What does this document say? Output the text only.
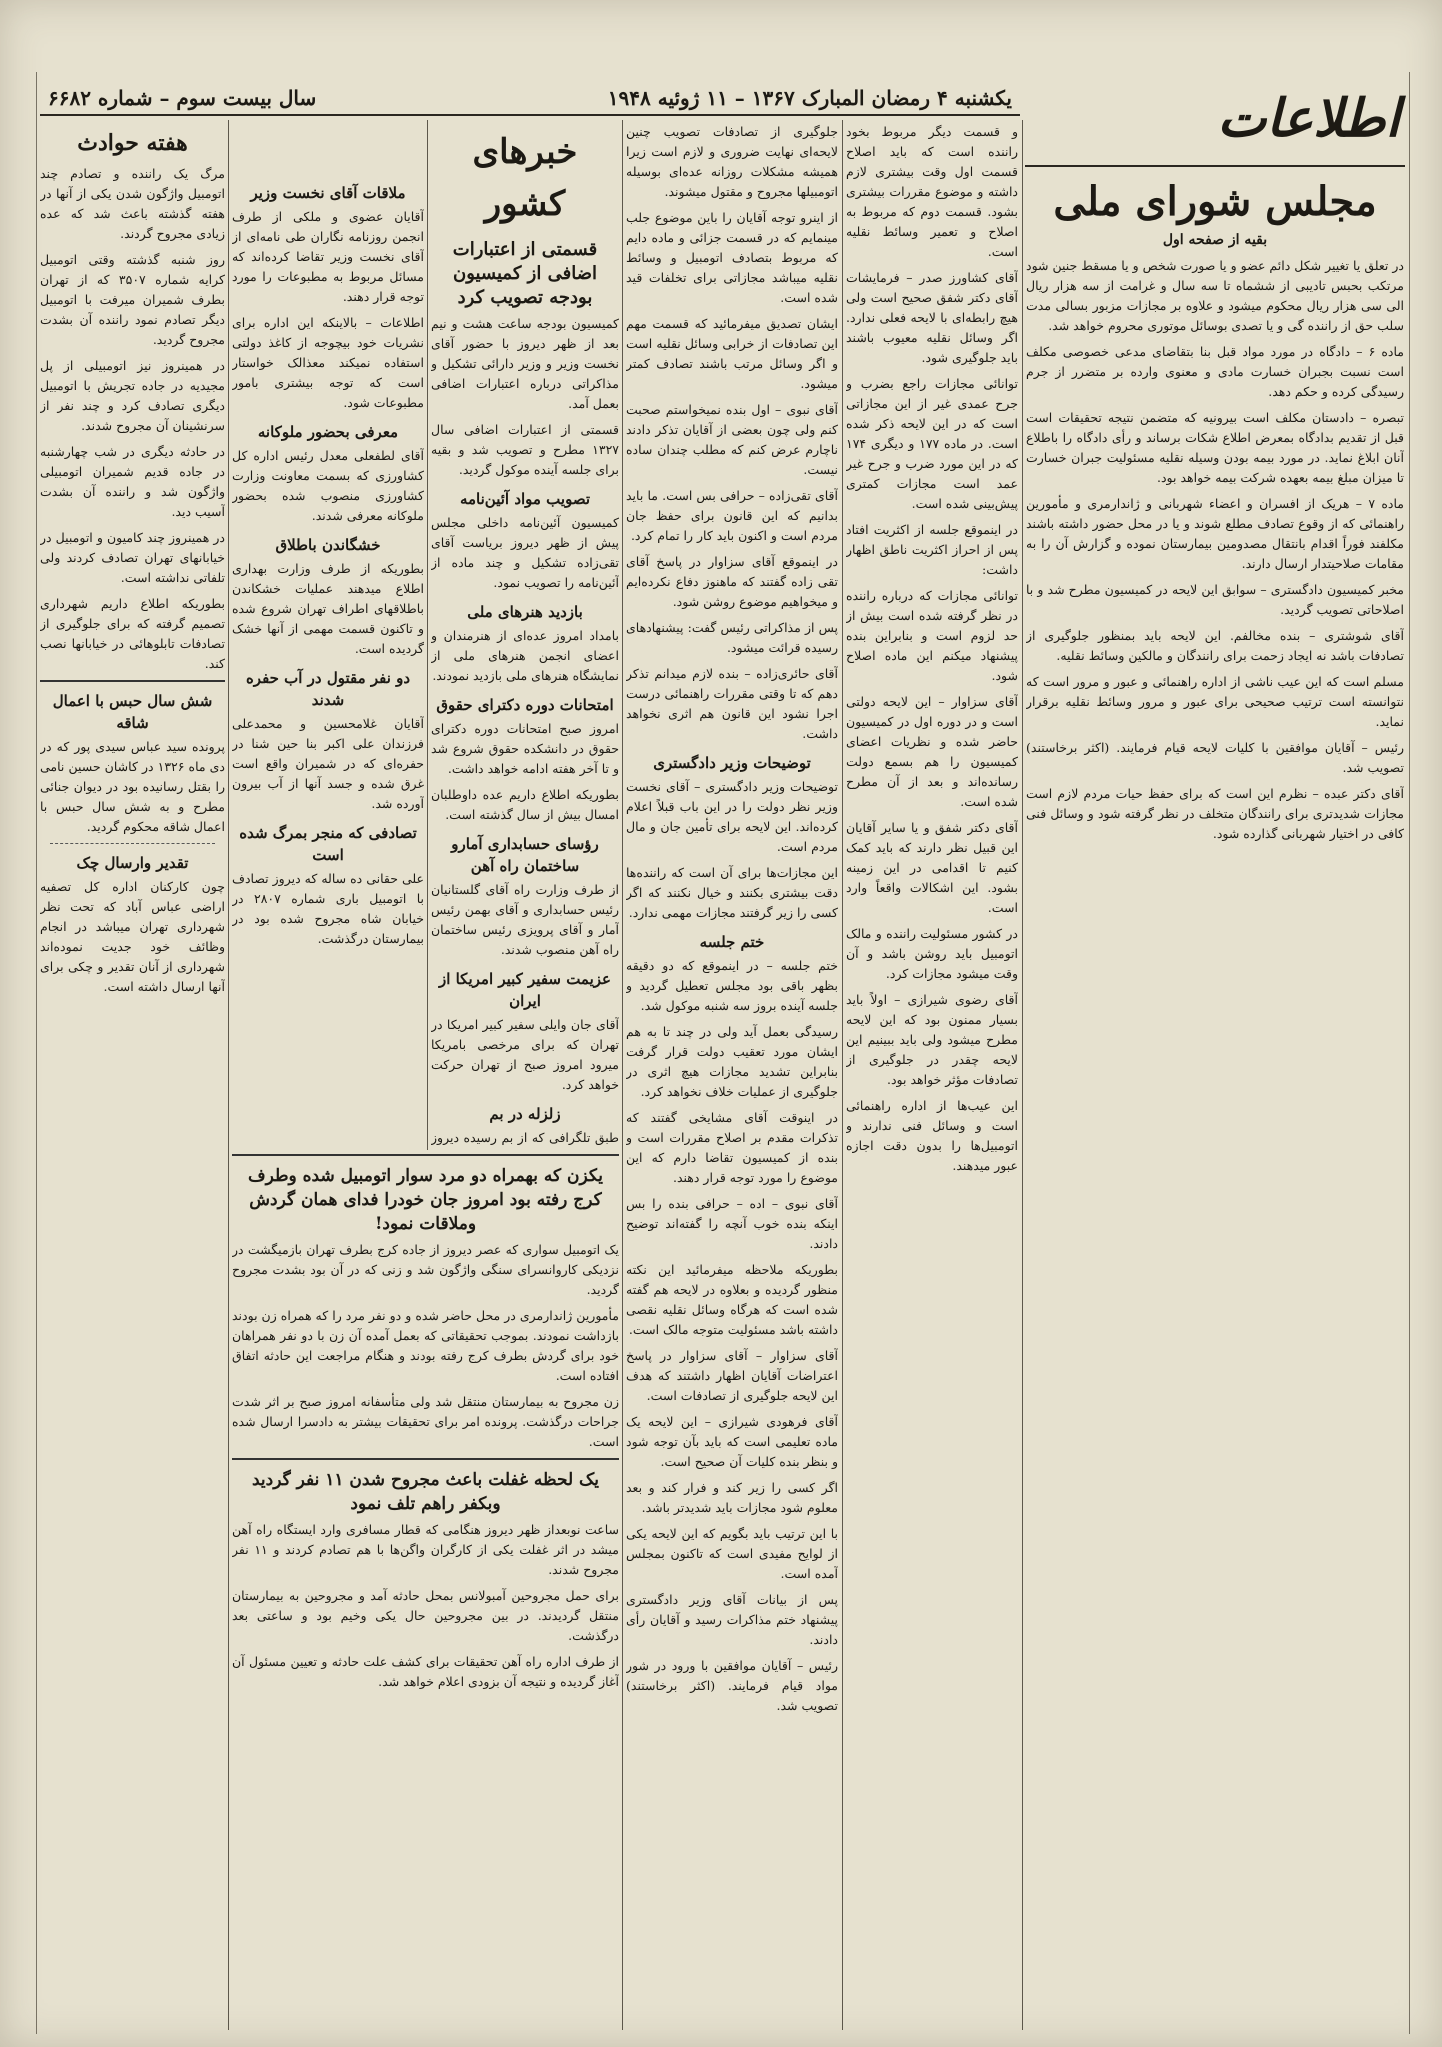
یکشنبه ۴ رمضان المبارک ۱۳۶۷ – ۱۱ ژوئیه ۱۹۴۸
سال بیست سوم – شماره ۶۶۸۲	اطلاعات
مجلس شورای ملی
بقیه از صفحه اول

در تعلق یا تغییر شکل دائم عضو و یا صورت شخص و یا مسقط جنین شود مرتکب بحبس تادیبی از ششماه تا سه سال و غرامت از سه هزار ریال الی سی هزار ریال محکوم میشود و علاوه بر مجازات مزبور بسالی مدت سلب حق از راننده گی و یا تصدی بوسائل موتوری محروم خواهد شد.

ماده ۶ – دادگاه در مورد مواد قبل بنا بتقاضای مدعی خصوصی مکلف است نسبت بجبران خسارت مادی و معنوی وارده بر متضرر از جرم رسیدگی کرده و حکم دهد.

تبصره – دادستان مکلف است بیرونیه که متضمن نتیجه تحقیقات است قبل از تقدیم بدادگاه بمعرض اطلاع شکات برساند و رأی دادگاه را باطلاع آنان ابلاغ نماید. در مورد بیمه بودن وسیله نقلیه مسئولیت جبران خسارت تا میزان مبلغ بیمه بعهده شرکت بیمه خواهد بود.

ماده ۷ – هریک از افسران و اعضاء شهربانی و ژاندارمری و مأمورین راهنمائی که از وقوع تصادف مطلع شوند و یا در محل حضور داشته باشند مکلفند فوراً اقدام بانتقال مصدومین بیمارستان نموده و گزارش آن را به مقامات صلاحیتدار ارسال دارند.

مخبر کمیسیون دادگستری – سوابق این لایحه در کمیسیون مطرح شد و با اصلاحاتی تصویب گردید.

آقای شوشتری – بنده مخالفم. این لایحه باید بمنظور جلوگیری از تصادفات باشد نه ایجاد زحمت برای رانندگان و مالکین وسائط نقلیه.

مسلم است که این عیب ناشی از اداره راهنمائی و عبور و مرور است که نتوانسته است ترتیب صحیحی برای عبور و مرور وسائط نقلیه برقرار نماید.

رئیس – آقایان موافقین با کلیات لایحه قیام فرمایند. (اکثر برخاستند) تصویب شد.

آقای دکتر عبده – نظرم این است که برای حفظ حیات مردم لازم است مجازات شدیدتری برای رانندگان متخلف در نظر گرفته شود و وسائل فنی کافی در اختیار شهربانی گذارده شود.

و قسمت دیگر مربوط بخود راننده است که باید اصلاح قسمت اول وقت بیشتری لازم داشته و موضوع مقررات بیشتری بشود. قسمت دوم که مربوط به اصلاح و تعمیر وسائط نقلیه است.

آقای کشاورز صدر – فرمایشات آقای دکتر شفق صحیح است ولی هیچ رابطه‌ای با لایحه فعلی ندارد. اگر وسائل نقلیه معیوب باشند باید جلوگیری شود.

توانائی مجازات راجع بضرب و جرح عمدی غیر از این مجازاتی است که در این لایحه ذکر شده است. در ماده ۱۷۷ و دیگری ۱۷۴ که در این مورد ضرب و جرح غیر عمد است مجازات کمتری پیش‌بینی شده است.

در اینموقع جلسه از اکثریت افتاد پس از احراز اکثریت ناطق اظهار داشت:

توانائی مجازات که درباره راننده در نظر گرفته شده است بیش از حد لزوم است و بنابراین بنده پیشنهاد میکنم این ماده اصلاح شود.

آقای سزاوار – این لایحه دولتی است و در دوره اول در کمیسیون حاضر شده و نظریات اعضای کمیسیون را هم بسمع دولت رسانده‌اند و بعد از آن مطرح شده است.

آقای دکتر شفق و یا سایر آقایان این قبیل نظر دارند که باید کمک کنیم تا اقدامی در این زمینه بشود. این اشکالات واقعاً وارد است.

در کشور مسئولیت راننده و مالک اتومبیل باید روشن باشد و آن وقت میشود مجازات کرد.

آقای رضوی شیرازی – اولاً باید بسیار ممنون بود که این لایحه مطرح میشود ولی باید ببینیم این لایحه چقدر در جلوگیری از تصادفات مؤثر خواهد بود.

این عیب‌ها از اداره راهنمائی است و وسائل فنی ندارند و اتومبیل‌ها را بدون دقت اجازه عبور میدهند.

جلوگیری از تصادفات تصویب چنین لایحه‌ای نهایت ضروری و لازم است زیرا همیشه مشکلات روزانه عده‌ای بوسیله اتومبیلها مجروح و مقتول میشوند.

از اینرو توجه آقایان را باین موضوع جلب مینمایم که در قسمت جزائی و ماده دایم که مربوط بتصادف اتومبیل و وسائط نقلیه میباشد مجازاتی برای تخلفات قید شده است.

ایشان تصدیق میفرمائید که قسمت مهم این تصادفات از خرابی وسائل نقلیه است و اگر وسائل مرتب باشند تصادف کمتر میشود.

آقای نبوی – اول بنده نمیخواستم صحبت کنم ولی چون بعضی از آقایان تذکر دادند ناچارم عرض کنم که مطلب چندان ساده نیست.

آقای تقی‌زاده – حرافی بس است. ما باید بدانیم که این قانون برای حفظ جان مردم است و اکنون باید کار را تمام کرد.

در اینموقع آقای سزاوار در پاسخ آقای تقی زاده گفتند که ماهنوز دفاع نکرده‌ایم و میخواهیم موضوع روشن شود.

پس از مذاکراتی رئیس گفت: پیشنهادهای رسیده قرائت میشود.

آقای حائری‌زاده – بنده لازم میدانم تذکر دهم که تا وقتی مقررات راهنمائی درست اجرا نشود این قانون هم اثری نخواهد داشت.

توضیحات وزیر دادگستری

توضیحات وزیر دادگستری – آقای نخست وزیر نظر دولت را در این باب قبلاً اعلام کرده‌اند. این لایحه برای تأمین جان و مال مردم است.

این مجازات‌ها برای آن است که راننده‌ها دقت بیشتری بکنند و خیال نکنند که اگر کسی را زیر گرفتند مجازات مهمی ندارد.

ختم جلسه

ختم جلسه – در اینموقع که دو دقیقه بظهر باقی بود مجلس تعطیل گردید و جلسه آینده بروز سه شنبه موکول شد.

رسیدگی بعمل آید ولی در چند تا به هم ایشان مورد تعقیب دولت قرار گرفت بنابراین تشدید مجازات هیچ اثری در جلوگیری از عملیات خلاف نخواهد کرد.

در اینوقت آقای مشایخی گفتند که تذکرات مقدم بر اصلاح مقررات است و بنده از کمیسیون تقاضا دارم که این موضوع را مورد توجه قرار دهند.

آقای نبوی – اده – حرافی بنده را بس اینکه بنده خوب آنچه را گفته‌اند توضیح دادند.

بطوریکه ملاحظه میفرمائید این نکته منظور گردیده و بعلاوه در لایحه هم گفته شده است که هرگاه وسائل نقلیه نقصی داشته باشد مسئولیت متوجه مالک است.

آقای سزاوار – آقای سزاوار در پاسخ اعتراضات آقایان اظهار داشتند که هدف این لایحه جلوگیری از تصادفات است.

آقای فرهودی شیرازی – این لایحه یک ماده تعلیمی است که باید بآن توجه شود و بنظر بنده کلیات آن صحیح است.

اگر کسی را زیر کند و فرار کند و بعد معلوم شود مجازات باید شدیدتر باشد.

با این ترتیب باید بگویم که این لایحه یکی از لوایح مفیدی است که تاکنون بمجلس آمده است.

پس از بیانات آقای وزیر دادگستری پیشنهاد ختم مذاکرات رسید و آقایان رأی دادند.

رئیس – آقایان موافقین با ورود در شور مواد قیام فرمایند. (اکثر برخاستند) تصویب شد.

خبرهای کشور
قسمتی از اعتبارات اضافی از کمیسیون بودجه تصویب کرد

کمیسیون بودجه ساعت هشت و نیم بعد از ظهر دیروز با حضور آقای نخست وزیر و وزیر دارائی تشکیل و مذاکراتی درباره اعتبارات اضافی بعمل آمد.

قسمتی از اعتبارات اضافی سال ۱۳۲۷ مطرح و تصویب شد و بقیه برای جلسه آینده موکول گردید.

تصویب مواد آئین‌نامه

کمیسیون آئین‌نامه داخلی مجلس پیش از ظهر دیروز بریاست آقای تقی‌زاده تشکیل و چند ماده از آئین‌نامه را تصویب نمود.

بازدید هنرهای ملی

بامداد امروز عده‌ای از هنرمندان و اعضای انجمن هنرهای ملی از نمایشگاه هنرهای ملی بازدید نمودند.

امتحانات دوره دکترای حقوق

امروز صبح امتحانات دوره دکترای حقوق در دانشکده حقوق شروع شد و تا آخر هفته ادامه خواهد داشت.

بطوریکه اطلاع داریم عده داوطلبان امسال بیش از سال گذشته است.

رؤسای حسابداری آمارو ساختمان راه آهن

از طرف وزارت راه آقای گلستانیان رئیس حسابداری و آقای بهمن رئیس آمار و آقای پرویزی رئیس ساختمان راه آهن منصوب شدند.

عزیمت سفیر کبیر امریکا از ایران

آقای جان وایلی سفیر کبیر امریکا در تهران که برای مرخصی بامریکا میرود امروز صبح از تهران حرکت خواهد کرد.

زلزله در بم

طبق تلگرافی که از بم رسیده دیروز

ملاقات آقای نخست وزیر

آقایان عضوی و ملکی از طرف انجمن روزنامه نگاران طی نامه‌ای از آقای نخست وزیر تقاضا کرده‌اند که مسائل مربوط به مطبوعات را مورد توجه قرار دهند.

اطلاعات – بالاینکه این اداره برای نشریات خود بیچوجه از کاغذ دولتی استفاده نمیکند معذالک خواستار است که توجه بیشتری بامور مطبوعات شود.

معرفی بحضور ملوکانه

آقای لطفعلی معدل رئیس اداره کل کشاورزی که بسمت معاونت وزارت کشاورزی منصوب شده بحضور ملوکانه معرفی شدند.

خشگاندن باطلاق

بطوریکه از طرف وزارت بهداری اطلاع میدهند عملیات خشکاندن باطلاقهای اطراف تهران شروع شده و تاکنون قسمت مهمی از آنها خشک گردیده است.

دو نفر مقتول در آب حفره شدند

آقایان غلامحسین و محمدعلی فرزندان علی اکبر بنا حین شنا در حفره‌ای که در شمیران واقع است غرق شده و جسد آنها از آب بیرون آورده شد.

تصادفی که منجر بمرگ شده است

علی حقانی ده ساله که دیروز تصادف با اتومبیل باری شماره ۲۸۰۷ در خیابان شاه مجروح شده بود در بیمارستان درگذشت.

یکزن که بهمراه دو مرد سوار اتومبیل شده وطرف کرج رفته بود امروز جان خودرا فدای همان گردش وملاقات نمود!

یک اتومبیل سواری که عصر دیروز از جاده کرج بطرف تهران بازمیگشت در نزدیکی کاروانسرای سنگی واژگون شد و زنی که در آن بود بشدت مجروح گردید.

مأمورین ژاندارمری در محل حاضر شده و دو نفر مرد را که همراه زن بودند بازداشت نمودند. بموجب تحقیقاتی که بعمل آمده آن زن با دو نفر همراهان خود برای گردش بطرف کرج رفته بودند و هنگام مراجعت این حادثه اتفاق افتاده است.

زن مجروح به بیمارستان منتقل شد ولی متأسفانه امروز صبح بر اثر شدت جراحات درگذشت. پرونده امر برای تحقیقات بیشتر به دادسرا ارسال شده است.

یک لحظه غفلت باعث مجروح شدن ۱۱ نفر گردید وبکفر راهم تلف نمود

ساعت نوبعداز ظهر دیروز هنگامی که قطار مسافری وارد ایستگاه راه آهن میشد در اثر غفلت یکی از کارگران واگن‌ها با هم تصادم کردند و ۱۱ نفر مجروح شدند.

برای حمل مجروحین آمبولانس بمحل حادثه آمد و مجروحین به بیمارستان منتقل گردیدند. در بین مجروحین حال یکی وخیم بود و ساعتی بعد درگذشت.

از طرف اداره راه آهن تحقیقات برای کشف علت حادثه و تعیین مسئول آن آغاز گردیده و نتیجه آن بزودی اعلام خواهد شد.

هفته حوادث

مرگ یک راننده و تصادم چند اتومبیل واژگون شدن یکی از آنها در هفته گذشته باعث شد که عده زیادی مجروح گردند.

روز شنبه گذشته وقتی اتومبیل کرایه شماره ۳۵۰۷ که از تهران بطرف شمیران میرفت با اتومبیل دیگر تصادم نمود راننده آن بشدت مجروح گردید.

در همینروز نیز اتومبیلی از پل مجیدیه در جاده تجریش با اتومبیل دیگری تصادف کرد و چند نفر از سرنشینان آن مجروح شدند.

در حادثه دیگری در شب چهارشنبه در جاده قدیم شمیران اتومبیلی واژگون شد و راننده آن بشدت آسیب دید.

در همینروز چند کامیون و اتومبیل در خیابانهای تهران تصادف کردند ولی تلفاتی نداشته است.

بطوریکه اطلاع داریم شهرداری تصمیم گرفته که برای جلوگیری از تصادفات تابلوهائی در خیابانها نصب کند.

شش سال حبس با اعمال شاقه

پرونده سید عباس سیدی پور که در دی ماه ۱۳۲۶ در کاشان حسین نامی را بقتل رسانیده بود در دیوان جنائی مطرح و به شش سال حبس با اعمال شاقه محکوم گردید.

تقدیر وارسال چک

چون کارکنان اداره کل تصفیه اراضی عباس آباد که تحت نظر شهرداری تهران میباشد در انجام وظائف خود جدیت نموده‌اند شهرداری از آنان تقدیر و چکی برای آنها ارسال داشته است.
